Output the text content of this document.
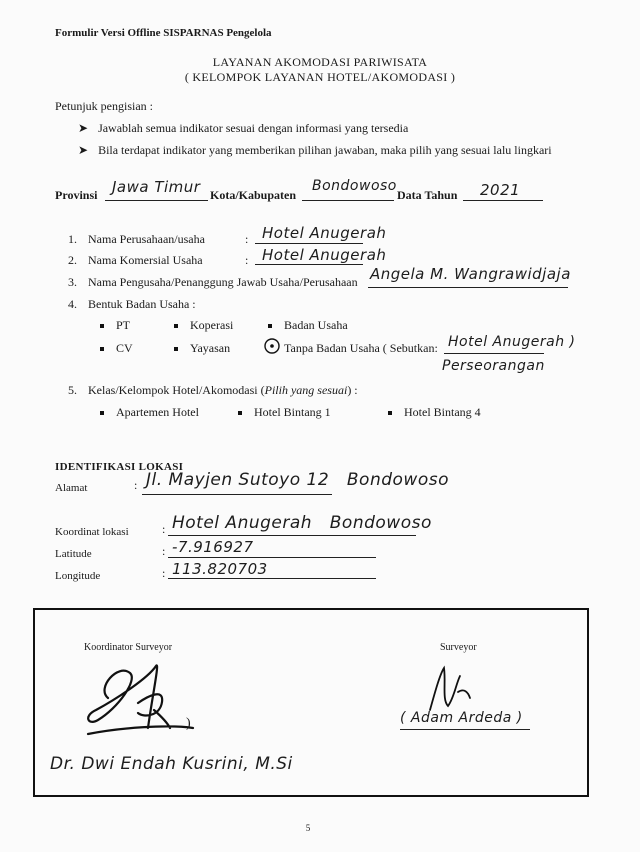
Formulir Versi Offline SISPARNAS Pengelola
LAYANAN AKOMODASI PARIWISATA
( KELOMPOK LAYANAN HOTEL/AKOMODASI )
Petunjuk pengisian :
➤ Jawablah semua indikator sesuai dengan informasi yang tersedia
➤ Bila terdapat indikator yang memberikan pilihan jawaban, maka pilih yang sesuai lalu lingkari
Provinsi Jawa Timur Kota/Kabupaten
Bondowoso
Data Tahun 2021
1. Nama Perusahaan/usaha	: Hotel Anugerah
2. Nama Komersial Usaha	: Hotel Anugerah
3. Nama Pengusaha/Penanggung Jawab Usaha/Perusahaan Angela M. Wangrawidjaja
4. Bentuk Badan Usaha :
PT	Koperasi	Badan Usaha
CV	Yayasan	Tanpa Badan Usaha ( Sebutkan: Hotel Anugerah )
Perseorangan
5. Kelas/Kelompok Hotel/Akomodasi (Pilih yang sesuai) :
Apartemen Hotel	Hotel Bintang 1	Hotel Bintang 4
IDENTIFIKASI LOKASI
Alamat	: Jl. Mayjen Sutoyo 12   Bondowoso
Koordinat lokasi	: Hotel Anugerah   Bondowoso
Latitude	: -7.916927
Longitude	: 113.820703
Koordinator Surveyor	Surveyor
)	( Adam Ardeda )
Dr. Dwi Endah Kusrini, M.Si
5
